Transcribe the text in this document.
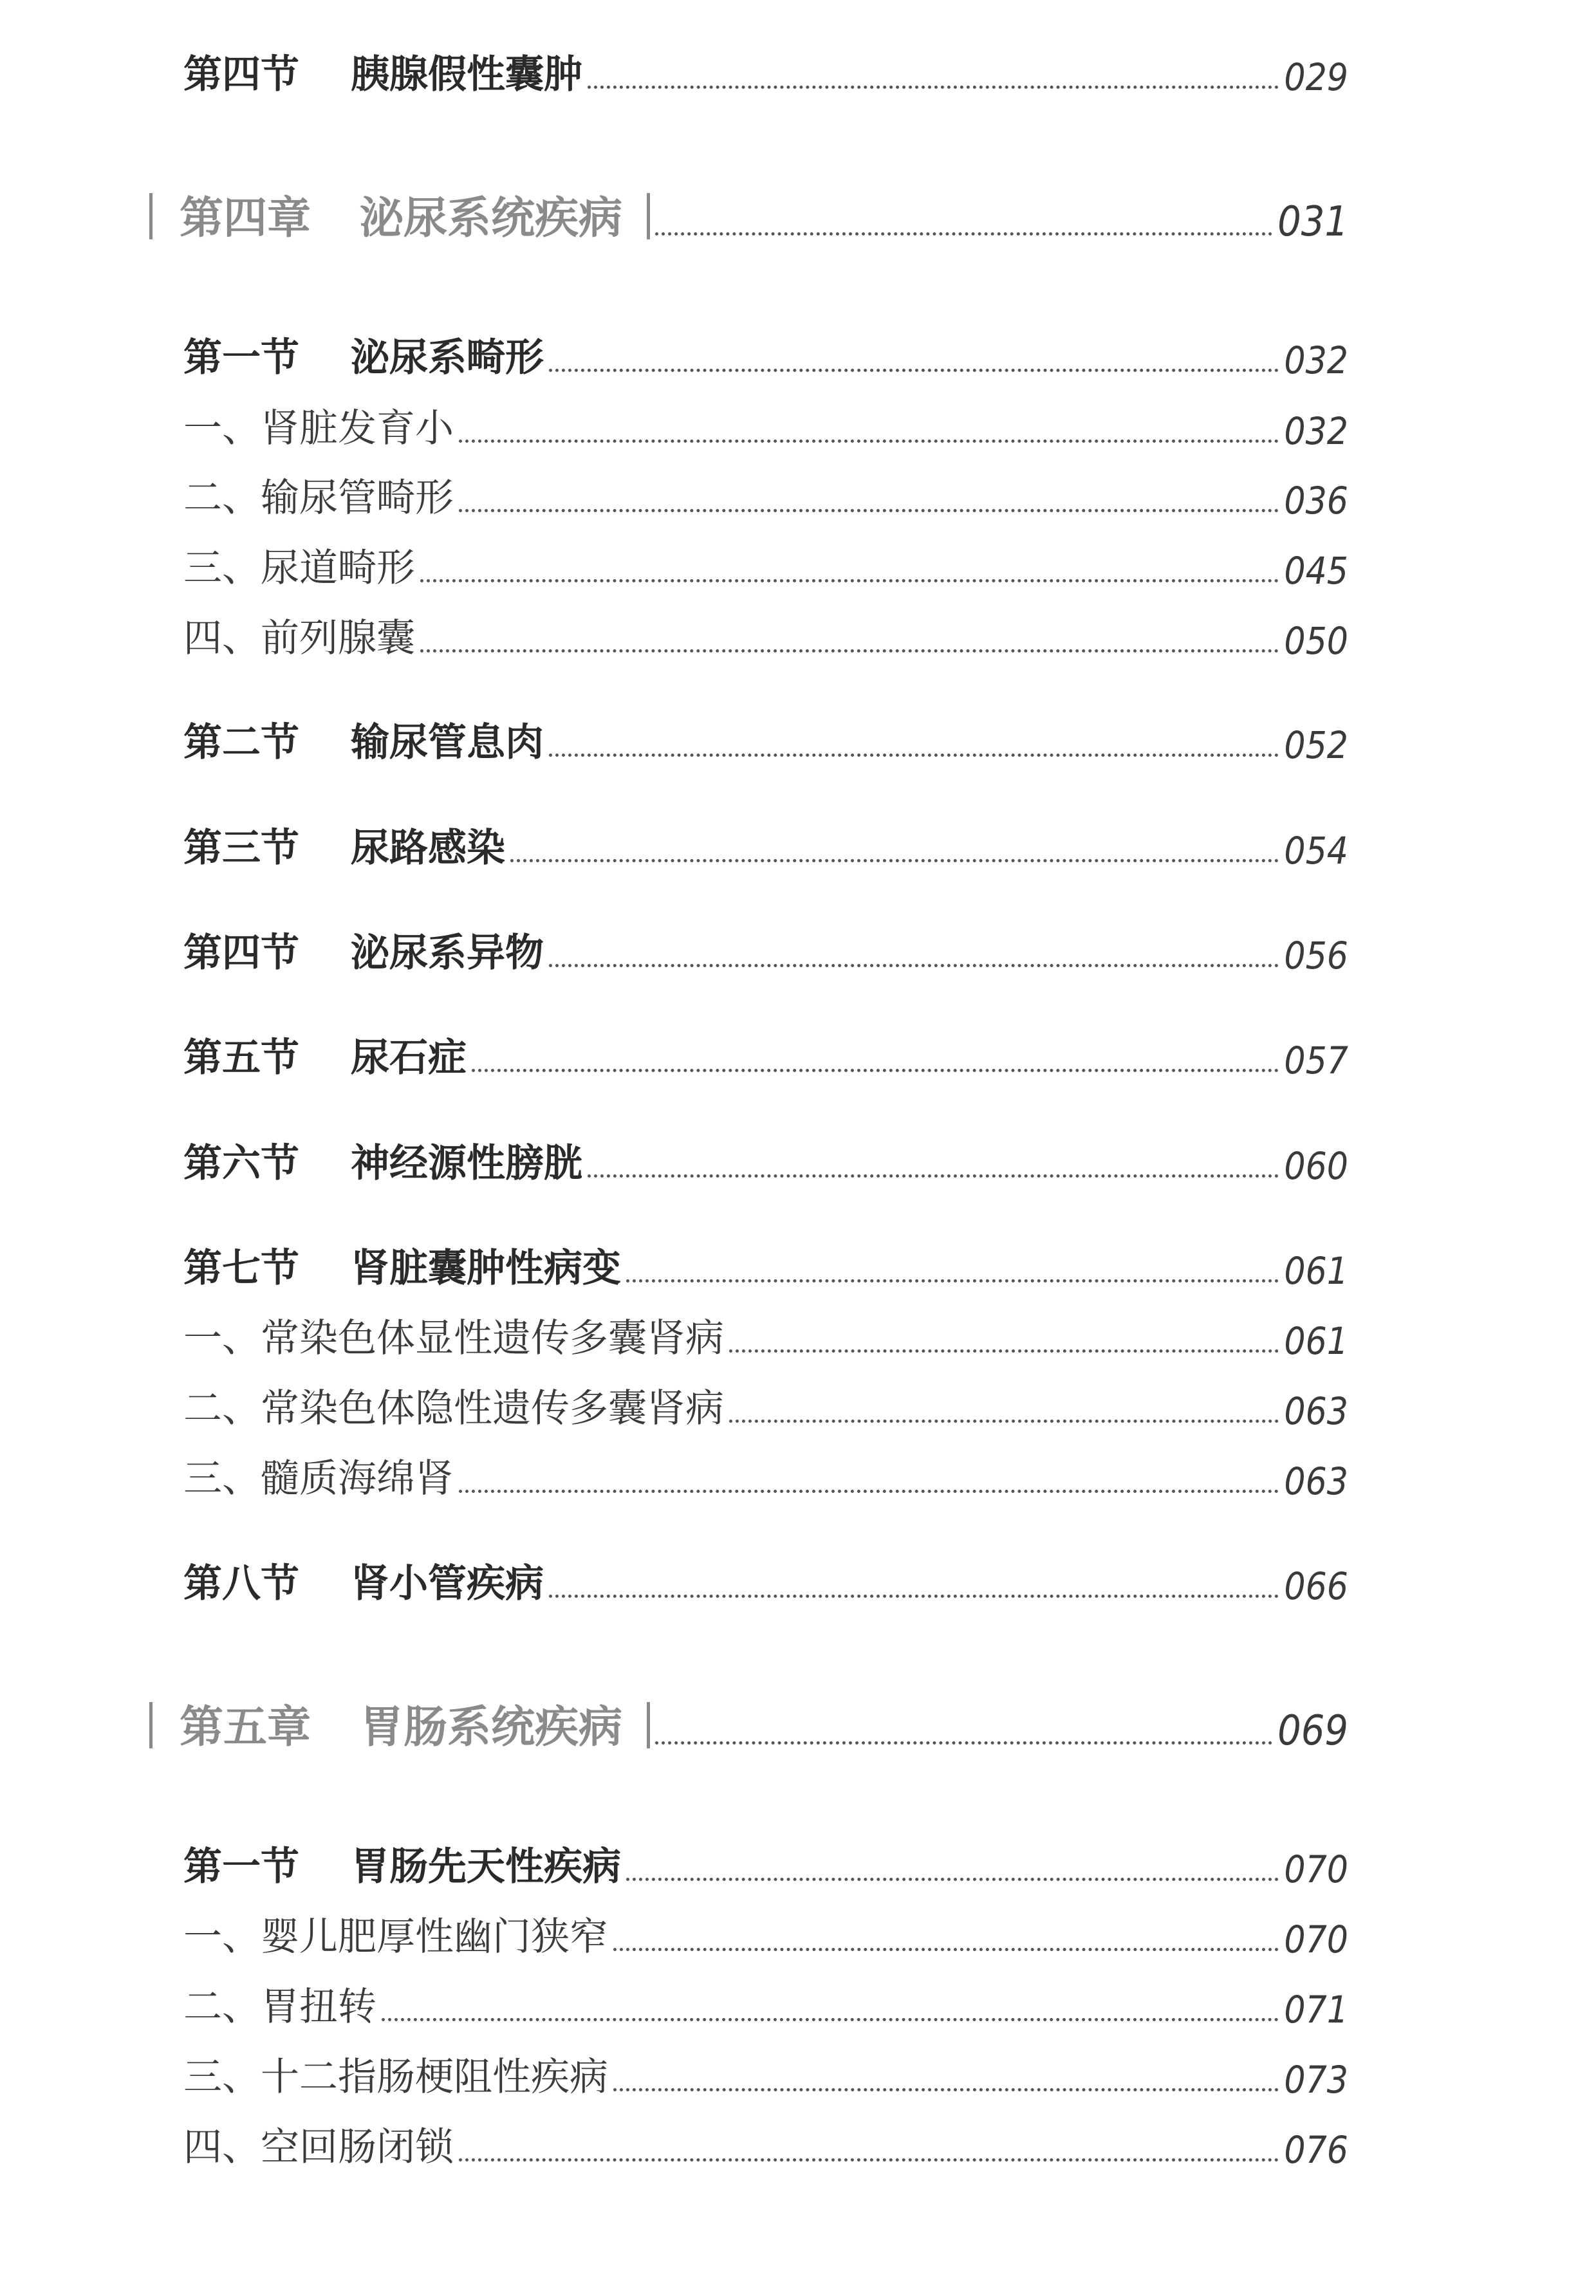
第四节 胰腺假性囊肿	029
第四章 泌尿系统疾病	031
第一节 泌尿系畸形	032
一、肾脏发育小	032
二、输尿管畸形	036
三、尿道畸形	045
四、前列腺囊	050
第二节 输尿管息肉	052
第三节 尿路感染	054
第四节 泌尿系异物	056
第五节 尿石症	057
第六节 神经源性膀胱	060
第七节 肾脏囊肿性病变	061
一、常染色体显性遗传多囊肾病	061
二、常染色体隐性遗传多囊肾病	063
三、髓质海绵肾	063
第八节 肾小管疾病	066
第五章 胃肠系统疾病	069
第一节 胃肠先天性疾病	070
一、婴儿肥厚性幽门狭窄	070
二、胃扭转	071
三、十二指肠梗阻性疾病	073
四、空回肠闭锁	076
